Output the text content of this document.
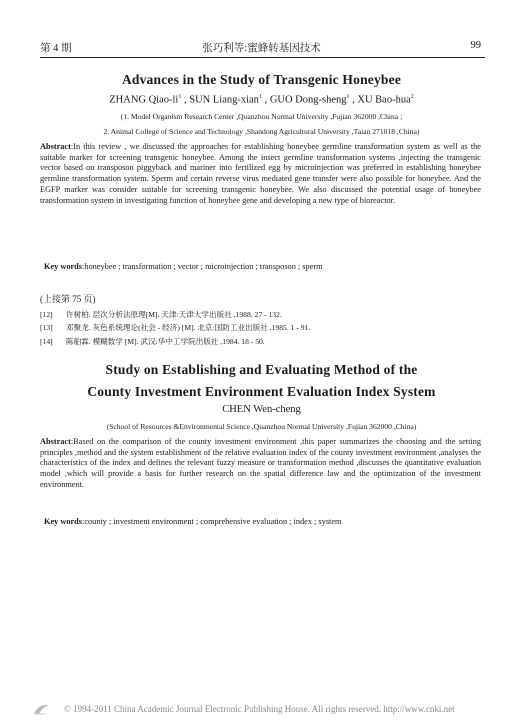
第 4 期	张巧利等:蜜蜂转基因技术	99
Advances in the Study of Transgenic Honeybee
ZHANG Qiao-$li^1$ , SUN Liang-xian$^1$ , GUO Dong-sheng$^1$ , XU Bao-hua$^2$
(1. Model Organism Research Center ,Quanzhou Normal University ,Fujian 362000 ,China ;
2. Animal College of Science and Technology ,Shandong Agricultural University ,Taian 271018 ,China)
Abstract:In this review , we discussed the approaches for establishing honeybee germline transformation system as well as the suitable marker for screening transgenic honeybee. Among the insect germline transformation systems ,injecting the transgenic vector based on transposon piggyback and mariner into fertilized egg by microinjection was preferred in establishing honeybee germline transformation system. Sperm and certain reverse virus mediated gene transfer were also possible for honeybee. And the EGFP marker was consider suitable for screening transgenic honeybee. We also discussed the potential usage of honeybee transformation system in investigating function of honeybee gene and developing a new type of bioreactor.
Key words:honeybee ; transformation ; vector ; microinjection ; transposon ; sperm
(上接第 75 页)
[12] 许树柏. 层次分析法原理[M]. 天津:天津大学出版社 ,1988. 27 - 132.
[13] 邓聚龙. 灰色系统理论(社会 - 经济) [M]. 北京:国防工业出版社 ,1985. 1 - 91.
[14] 陈舶霖. 模糊数学 [M]. 武汉:华中工学院出版社 ,1984. 18 - 50.
Study on Establishing and Evaluating Method of the
County Investment Environment Evaluation Index System
CHEN Wen-cheng
(School of Resources &Environmental Science ,Quanzhou Normal University ,Fujian 362000 ,China)
Abstract:Based on the comparison of the county investment environment ,this paper summarizes the choosing and the setting principles ,method and the system establishment of the relative evaluation index of the county investment environment ,analyses the characteristics of the index and defines the relevant fuzzy measure or transformation method ,discusses the quantitative evaluation model ,which will provide a basis for further research on the spatial difference law and the optimization of the investment environment.
Key words:county ; investment environment ; comprehensive evaluation ; index ; system
© 1994-2011 China Academic Journal Electronic Publishing House. All rights reserved. http://www.cnki.net
